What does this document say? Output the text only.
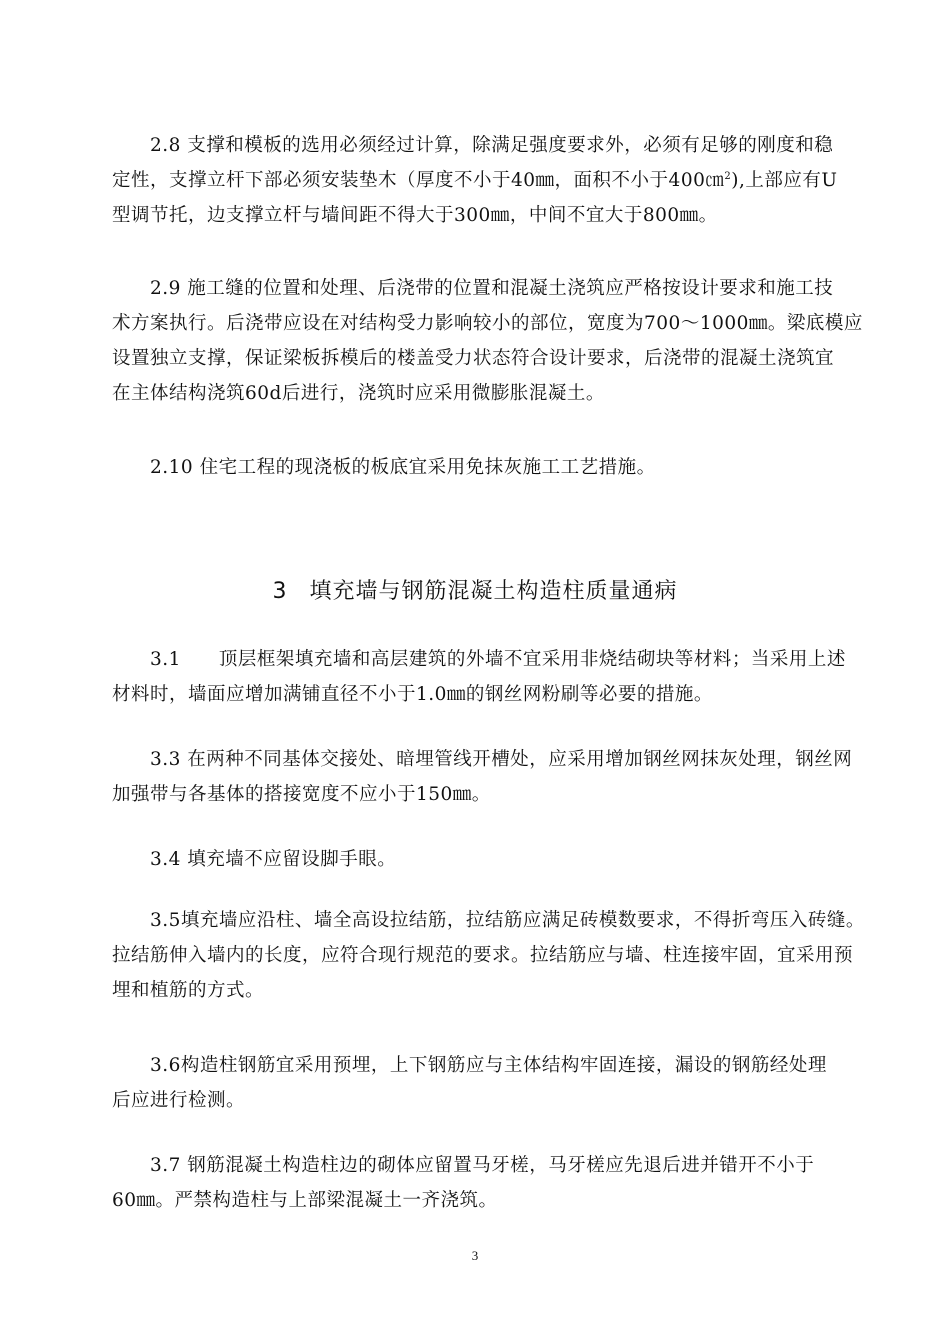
2.8 支撑和模板的选用必须经过计算，除满足强度要求外，必须有足够的刚度和稳
定性，支撑立杆下部必须安装垫木（厚度不小于40㎜，面积不小于400㎝$^2$),上部应有U
型调节托，边支撑立杆与墙间距不得大于300㎜，中间不宜大于800㎜。
2.9 施工缝的位置和处理、后浇带的位置和混凝土浇筑应严格按设计要求和施工技
术方案执行。后浇带应设在对结构受力影响较小的部位，宽度为700～1000㎜。梁底模应
设置独立支撑，保证梁板拆模后的楼盖受力状态符合设计要求，后浇带的混凝土浇筑宜
在主体结构浇筑60d后进行，浇筑时应采用微膨胀混凝土。
2.10 住宅工程的现浇板的板底宜采用免抹灰施工工艺措施。
3 填充墙与钢筋混凝土构造柱质量通病
3.1　　顶层框架填充墙和高层建筑的外墙不宜采用非烧结砌块等材料；当采用上述
材料时，墙面应增加满铺直径不小于1.0㎜的钢丝网粉刷等必要的措施。
3.3 在两种不同基体交接处、暗埋管线开槽处，应采用增加钢丝网抹灰处理，钢丝网
加强带与各基体的搭接宽度不应小于150㎜。
3.4 填充墙不应留设脚手眼。
3.5填充墙应沿柱、墙全高设拉结筋，拉结筋应满足砖模数要求，不得折弯压入砖缝。
拉结筋伸入墙内的长度，应符合现行规范的要求。拉结筋应与墙、柱连接牢固，宜采用预
埋和植筋的方式。
3.6构造柱钢筋宜采用预埋，上下钢筋应与主体结构牢固连接，漏设的钢筋经处理
后应进行检测。
3.7 钢筋混凝土构造柱边的砌体应留置马牙槎，马牙槎应先退后进并错开不小于
60㎜。严禁构造柱与上部梁混凝土一齐浇筑。
3
